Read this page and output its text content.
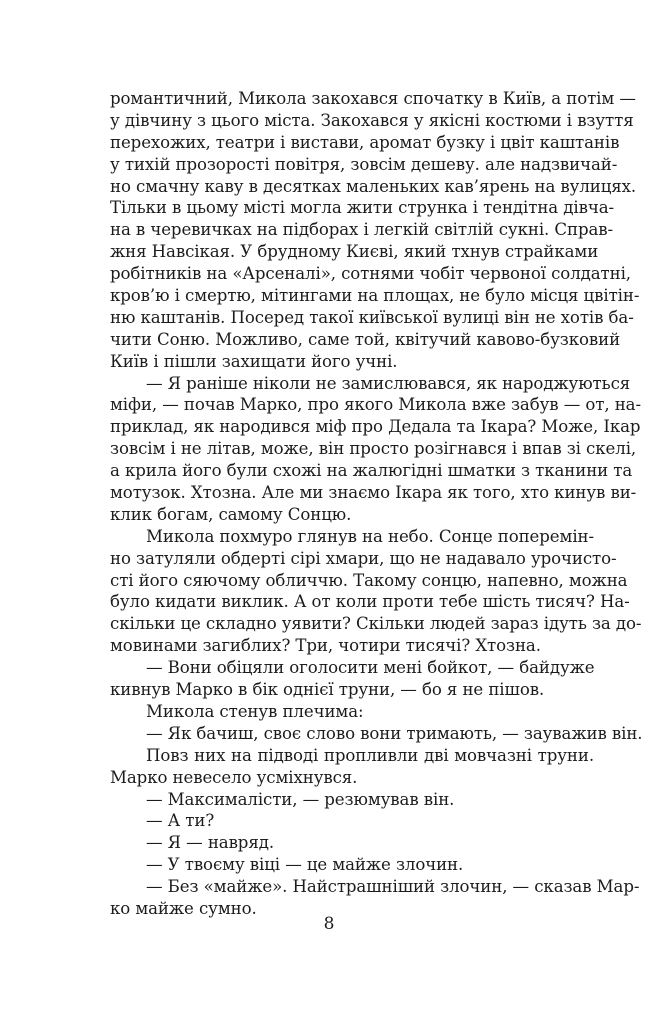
романтичний, Микола закохався спочатку в Київ, а потім —
у дівчину з цього міста. Закохався у якісні костюми і взуття
перехожих, театри і вистави, аромат бузку і цвіт каштанів
у тихій прозорості повітря, зовсім дешеву. але надзвичай-
но смачну каву в десятках маленьких кав’ярень на вулицях.
Тільки в цьому місті могла жити струнка і тендітна дівча-
на в черевичках на підборах і легкій світлій сукні. Справ-
жня Навсікая. У брудному Києві, який тхнув страйками
робітників на «Арсеналі», сотнями чобіт червоної солдатні,
кров’ю і смертю, мітингами на площах, не було місця цвітін-
ню каштанів. Посеред такої київської вулиці він не хотів ба-
чити Соню. Можливо, саме той, квітучий кавово-бузковий
Київ і пішли захищати його учні.
— Я раніше ніколи не замислювався, як народжуються
міфи, — почав Марко, про якого Микола вже забув — от, на-
приклад, як народився міф про Дедала та Ікара? Може, Ікар
зовсім і не літав, може, він просто розігнався і впав зі скелі,
а крила його були схожі на жалюгідні шматки з тканини та
мотузок. Хтозна. Але ми знаємо Ікара як того, хто кинув ви-
клик богам, самому Сонцю.
Микола похмуро глянув на небо. Сонце поперемін-
но затуляли обдерті сірі хмари, що не надавало урочисто-
сті його сяючому обличчю. Такому сонцю, напевно, можна
було кидати виклик. А от коли проти тебе шість тисяч? На-
скільки це складно уявити? Скільки людей зараз ідуть за до-
мовинами загиблих? Три, чотири тисячі? Хтозна.
— Вони обіцяли оголосити мені бойкот, — байдуже
кивнув Марко в бік однієї труни, — бо я не пішов.
Микола стенув плечима:
— Як бачиш, своє слово вони тримають, — зауважив він.
Повз них на підводі пропливли дві мовчазні труни.
Марко невесело усміхнувся.
— Максималісти, — резюмував він.
— А ти?
— Я — навряд.
— У твоєму віці — це майже злочин.
— Без «майже». Найстрашніший злочин, — сказав Мар-
ко майже сумно.
8
